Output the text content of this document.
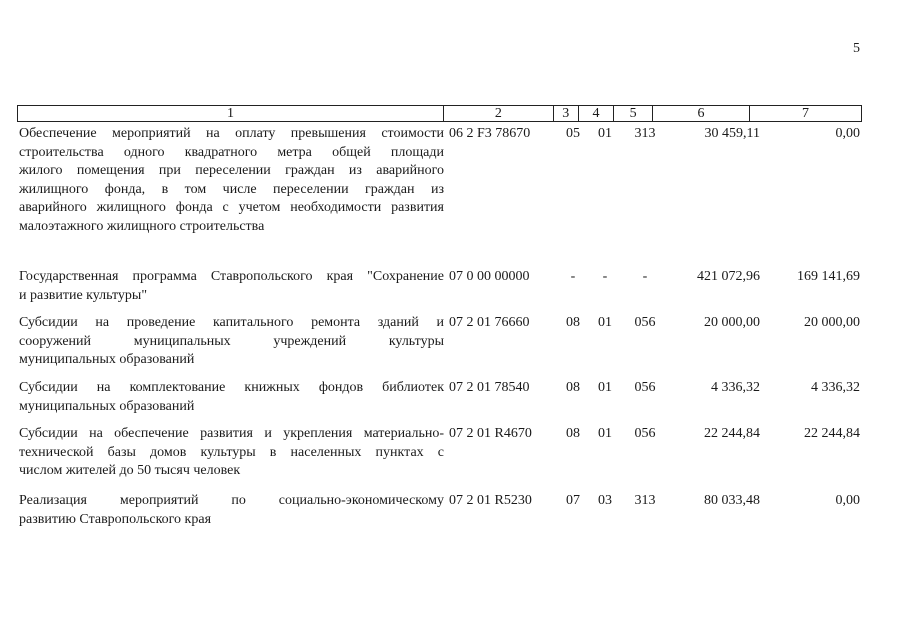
5
1	2	3	4	5	6	7
Обеспечение мероприятий на оплату превышения стоимости
строительства одного квадратного метра общей площади
жилого помещения при переселении граждан из аварийного
жилищного фонда, в том числе переселении граждан из
аварийного жилищного фонда с учетом необходимости развития
малоэтажного жилищного строительства
06 2 F3 78670	05 01 313	30 459,11	0,00
Государственная программа Ставропольского края "Сохранение
и развитие культуры"
07 0 00 00000	-	-	-	421 072,96	169 141,69
Субсидии на проведение капитального ремонта зданий и
сооружений муниципальных учреждений культуры
муниципальных образований
07 2 01 76660	08 01 056	20 000,00	20 000,00
Субсидии на комплектование книжных фондов библиотек
муниципальных образований
07 2 01 78540	08 01 056	4 336,32	4 336,32
Субсидии на обеспечение развития и укрепления материально-
технической базы домов культуры в населенных пунктах с
числом жителей до 50 тысяч человек
07 2 01 R4670 08 01 056	22 244,84	22 244,84
Реализация мероприятий по социально-экономическому
развитию Ставропольского края
07 2 01 R5230 07 03 313	80 033,48	0,00
